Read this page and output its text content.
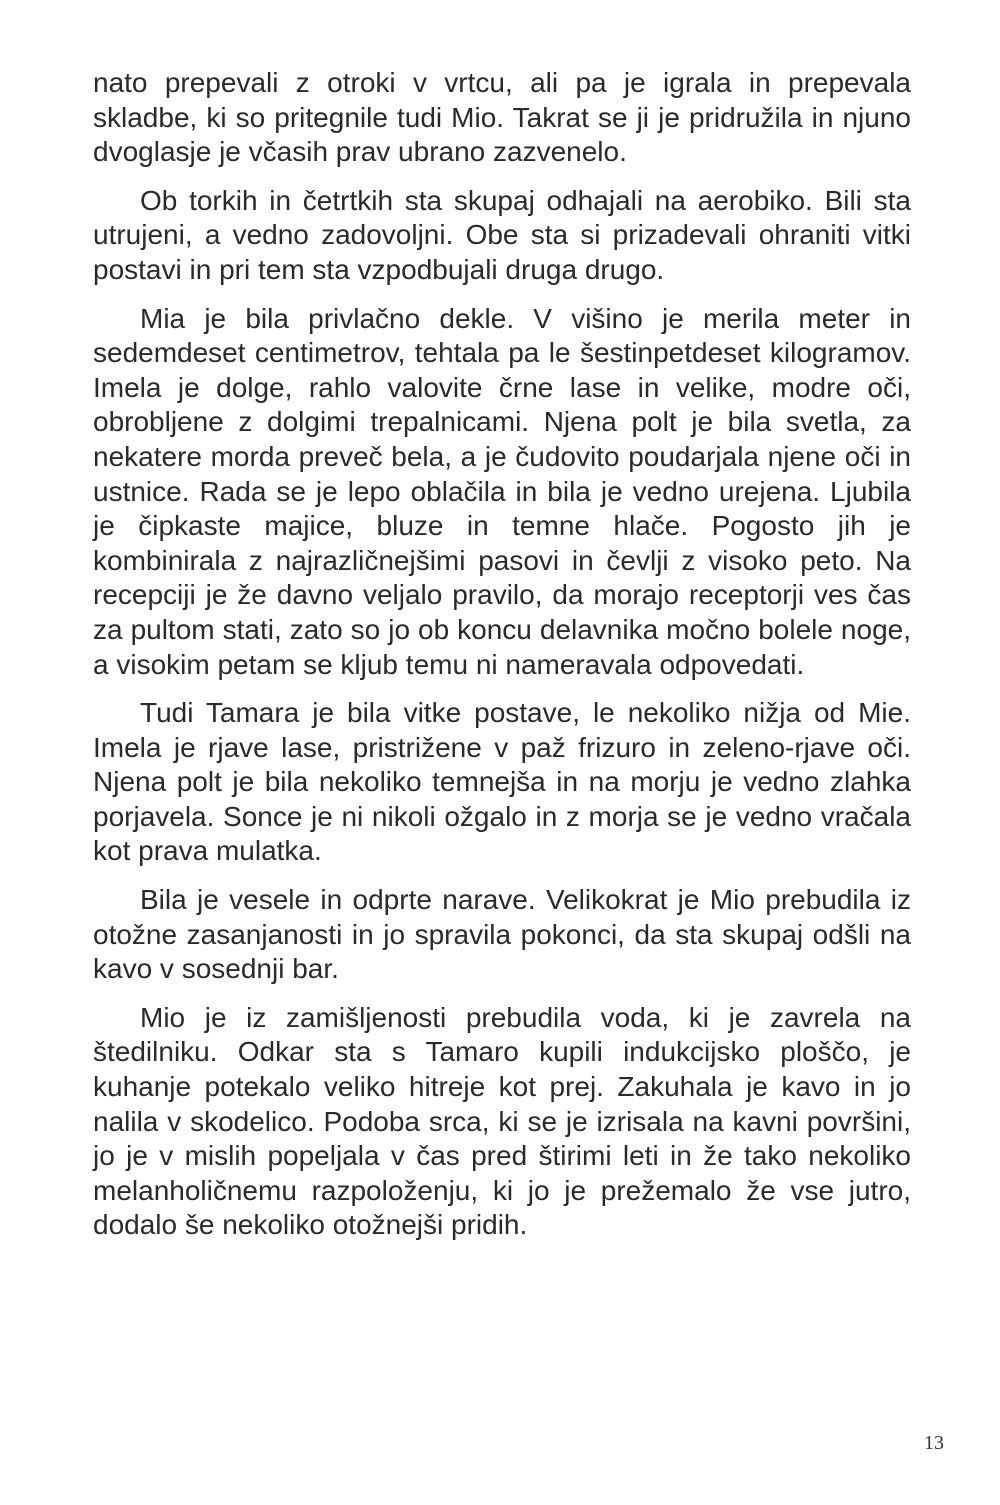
nato prepevali z otroki v vrtcu, ali pa je igrala in prepevala skladbe, ki so pritegnile tudi Mio. Takrat se ji je pridružila in njuno dvoglasje je včasih prav ubrano zazvenelo.

Ob torkih in četrtkih sta skupaj odhajali na aerobiko. Bili sta utrujeni, a vedno zadovoljni. Obe sta si prizadevali ohraniti vitki postavi in pri tem sta vzpodbujali druga drugo.

Mia je bila privlačno dekle. V višino je merila meter in sedemdeset centimetrov, tehtala pa le šestinpetdeset kilogramov. Imela je dolge, rahlo valovite črne lase in velike, modre oči, obrobljene z dolgimi trepalnicami. Njena polt je bila svetla, za nekatere morda preveč bela, a je čudovito poudarjala njene oči in ustnice. Rada se je lepo oblačila in bila je vedno urejena. Ljubila je čipkaste majice, bluze in temne hlače. Pogosto jih je kombinirala z najrazličnejšimi pasovi in čevlji z visoko peto. Na recepciji je že davno veljalo pravilo, da morajo receptorji ves čas za pultom stati, zato so jo ob koncu delavnika močno bolele noge, a visokim petam se kljub temu ni nameravala odpovedati.

Tudi Tamara je bila vitke postave, le nekoliko nižja od Mie. Imela je rjave lase, pristrižene v paž frizuro in zeleno-rjave oči. Njena polt je bila nekoliko temnejša in na morju je vedno zlahka porjavela. Sonce je ni nikoli ožgalo in z morja se je vedno vračala kot prava mulatka.

Bila je vesele in odprte narave. Velikokrat je Mio prebudila iz otožne zasanjanosti in jo spravila pokonci, da sta skupaj odšli na kavo v sosednji bar.

Mio je iz zamišljenosti prebudila voda, ki je zavrela na štedilniku. Odkar sta s Tamaro kupili indukcijsko ploščo, je kuhanje potekalo veliko hitreje kot prej. Zakuhala je kavo in jo nalila v skodelico. Podoba srca, ki se je izrisala na kavni površini, jo je v mislih popeljala v čas pred štirimi leti in že tako nekoliko melanholičnemu razpoloženju, ki jo je prežemalo že vse jutro, dodalo še nekoliko otožnejši pridih.

13
